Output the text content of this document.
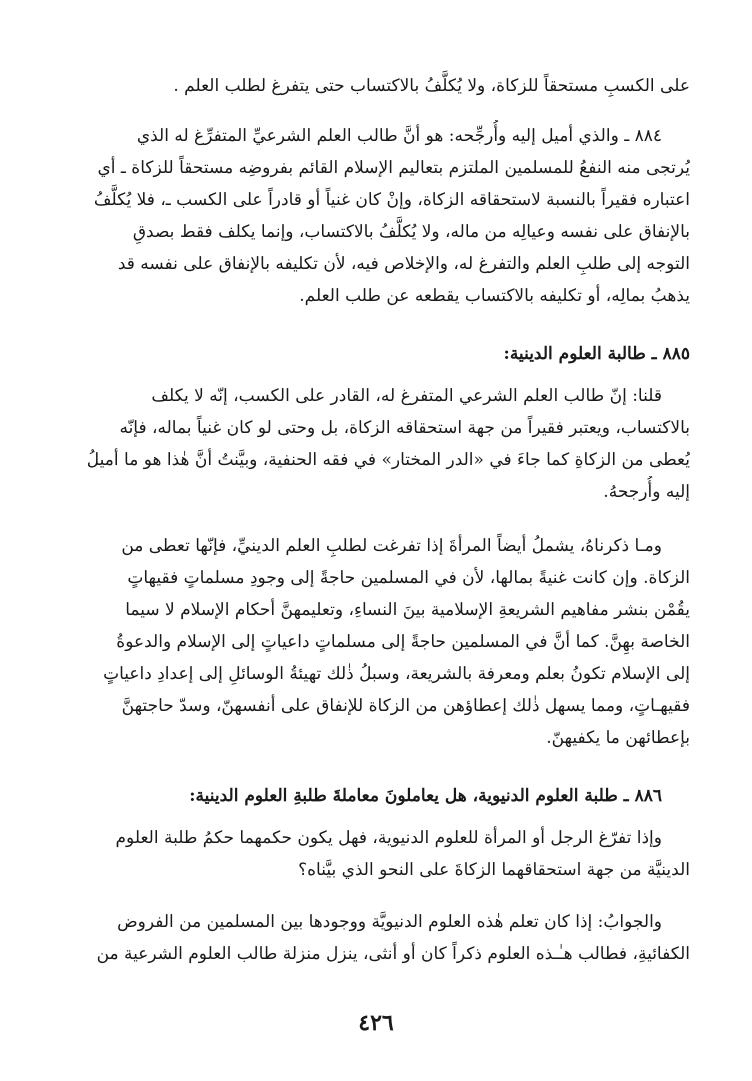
على الكسبِ مستحقاً للزكاة، ولا يُكلَّفُ بالاكتساب حتى يتفرغ لطلب العلم .
٨٨٤ ـ والذي أميل إليه وأُرجِّحه: هو أنَّ طالب العلم الشرعيِّ المتفرِّغ له الذي
يُرتجى منه النفعُ للمسلمين الملتزم بتعاليم الإسلام القائم بفروضِه مستحقاً للزكاة ـ أي
اعتباره فقيراً بالنسبة لاستحقاقه الزكاة، وإنْ كان غنياً أو قادراً على الكسب ـ، فلا يُكلَّفُ
بالإنفاق على نفسه وعيالِه من ماله، ولا يُكلَّفُ بالاكتساب، وإنما يكلف فقط بصدقِ
التوجه إلى طلبِ العلم والتفرغ له، والإخلاص فيه، لأن تكليفه بالإنفاق على نفسه قد
يذهبُ بمالِه، أو تكليفه بالاكتساب يقطعه عن طلب العلم.
٨٨٥ ـ طالبة العلوم الدينية:
قلنا: إنّ طالب العلم الشرعي المتفرغ له، القادر على الكسب، إنّه لا يكلف
بالاكتساب، ويعتبر فقيراً من جهة استحقاقه الزكاة، بل وحتى لو كان غنياً بماله، فإنّه
يُعطى من الزكاةِ كما جاءَ في «الدر المختار» في فقه الحنفية، وبيَّنتُ أنَّ هٰذا هو ما أميلُ
إليه وأُرجحهُ.
ومـا ذكرناهُ، يشملُ أيضاً المرأةَ إذا تفرغت لطلبِ العلم الدينيِّ، فإنّها تعطى من
الزكاة. وإن كانت غنيةً بمالها، لأن في المسلمين حاجةً إلى وجودِ مسلماتٍ فقيهاتٍ
يقُمْن بنشر مفاهيم الشريعةِ الإسلامية بينَ النساءِ، وتعليمهنَّ أحكام الإسلام لا سيما
الخاصة بهِنَّ. كما أنَّ في المسلمين حاجةً إلى مسلماتٍ داعياتٍ إلى الإسلام والدعوةُ
إلى الإسلام تكونُ بعلم ومعرفة بالشريعة، وسبلُ ذٰلك تهيئةُ الوسائلِ إلى إعدادِ داعياتٍ
فقيهـاتٍ، ومما يسهل ذٰلك إعطاؤهن من الزكاة للإنفاق على أنفسهنّ، وسدّ حاجتهنَّ
بإعطائهن ما يكفيهنّ.
٨٨٦ ـ طلبة العلوم الدنيوية، هل يعاملونَ معاملةَ طلبةِ العلوم الدينية:
وإذا تفرّغ الرجل أو المرأة للعلوم الدنيوية، فهل يكون حكمهما حكمُ طلبة العلوم
الدينيَّة من جهة استحقاقهما الزكاةَ على النحو الذي بيَّناه؟
والجوابُ: إذا كان تعلم هٰذه العلوم الدنيويَّة ووجودها بين المسلمين من الفروض
الكفائيةِ، فطالب هـٰـذه العلوم ذكراً كان أو أنثى، ينزل منزلة طالب العلوم الشرعية من
٤٢٦
